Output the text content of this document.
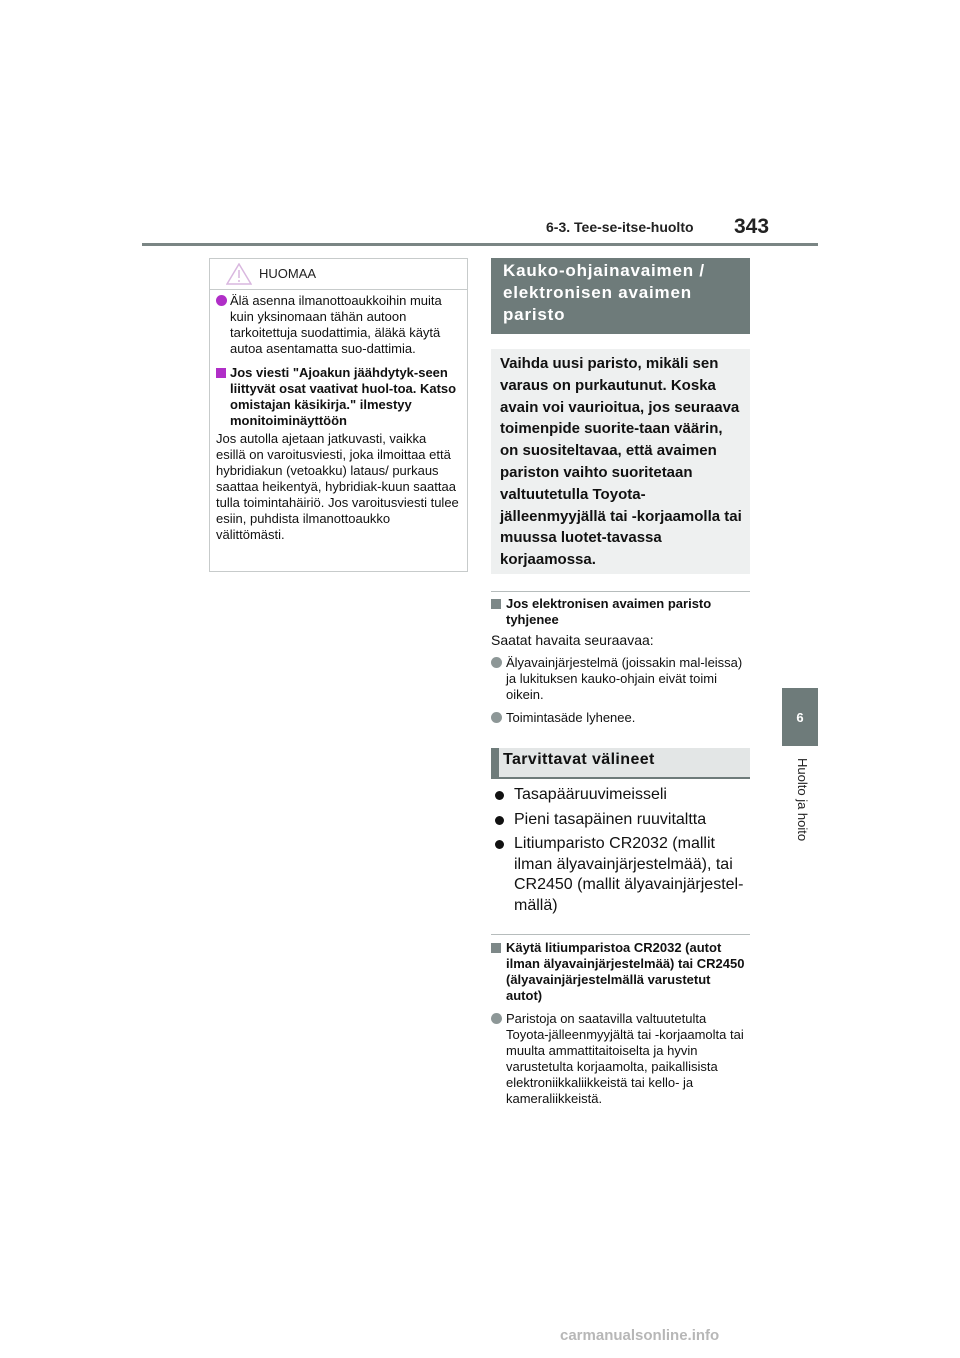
6-3. Tee-se-itse-huolto 343
6
Huolto ja hoito
HUOMAA
Älä asenna ilmanottoaukkoihin muita kuin yksinomaan tähän autoon tarkoitettuja suodattimia, äläkä käytä autoa asentamatta suo-dattimia.
Jos viesti "Ajoakun jäähdytyk-seen liittyvät osat vaativat huol-toa. Katso omistajan käsikirja." ilmestyy monitoiminäyttöön
Jos autolla ajetaan jatkuvasti, vaikka esillä on varoitusviesti, joka ilmoittaa että hybridiakun (vetoakku) lataus/ purkaus saattaa heikentyä, hybridiak-kuun saattaa tulla toimintahäiriö. Jos varoitusviesti tulee esiin, puhdista ilmanottoaukko välittömästi.
Kauko-ohjainavaimen / elektronisen avaimen paristo
Vaihda uusi paristo, mikäli sen varaus on purkautunut. Koska avain voi vaurioitua, jos seuraava toimenpide suorite-taan väärin, on suositeltavaa, että avaimen pariston vaihto suoritetaan valtuutetulla Toyota-jälleenmyyjällä tai -korjaamolla tai muussa luotet-tavassa korjaamossa.
Jos elektronisen avaimen paristo tyhjenee
Saatat havaita seuraavaa:
Älyavainjärjestelmä (joissakin mal-leissa) ja lukituksen kauko-ohjain eivät toimi oikein.
Toimintasäde lyhenee.
Tarvittavat välineet
Tasapääruuvimeisseli
Pieni tasapäinen ruuvitaltta
Litiumparisto CR2032 (mallit ilman älyavainjärjestelmää), tai CR2450 (mallit älyavainjärjestel-mällä)
Käytä litiumparistoa CR2032 (autot ilman älyavainjärjestelmää) tai CR2450 (älyavainjärjestelmällä varustetut autot)
Paristoja on saatavilla valtuutetulta Toyota-jälleenmyyjältä tai -korjaamolta tai muulta ammattitaitoiselta ja hyvin varustetulta korjaamolta, paikallisista elektroniikkaliikkeistä tai kello- ja kameraliikkeistä.
carmanualsonline.info
